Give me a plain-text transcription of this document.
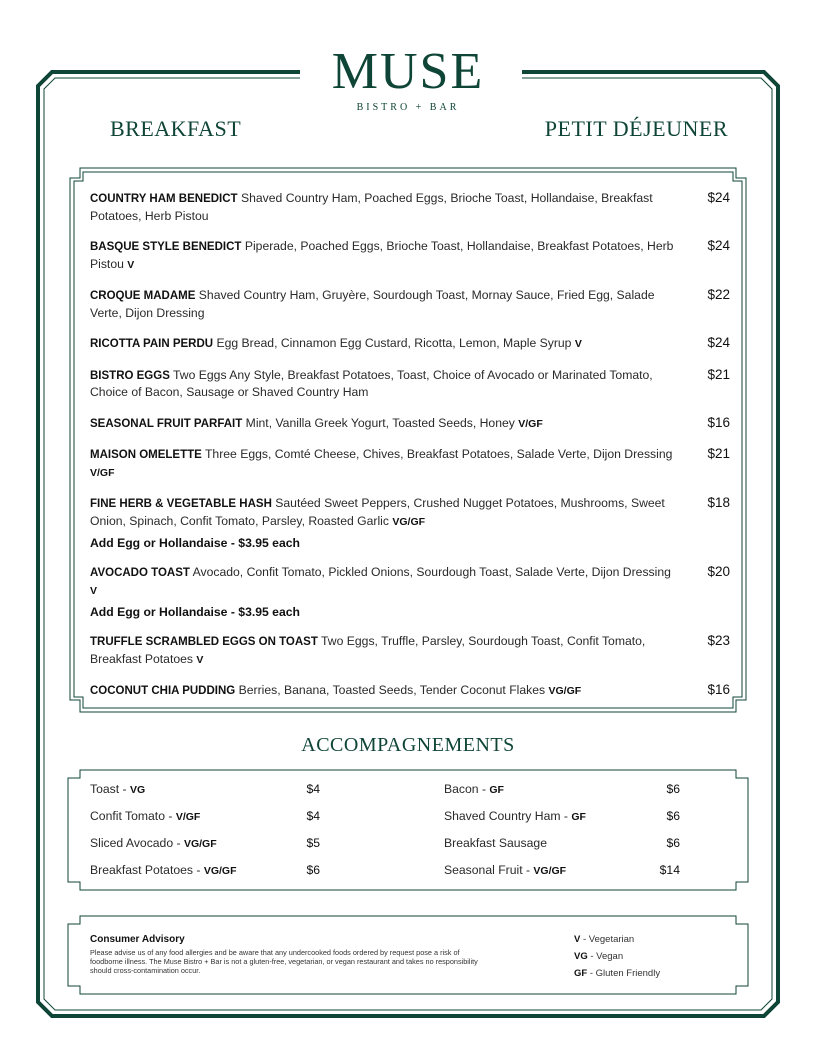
MUSE
BISTRO + BAR
BREAKFAST	PETIT DÉJEUNER
COUNTRY HAM BENEDICT Shaved Country Ham, Poached Eggs, Brioche Toast, Hollandaise, Breakfast Potatoes, Herb Pistou
$24
BASQUE STYLE BENEDICT Piperade, Poached Eggs, Brioche Toast, Hollandaise, Breakfast Potatoes, Herb Pistou V
$24
CROQUE MADAME Shaved Country Ham, Gruyère, Sourdough Toast, Mornay Sauce, Fried Egg, Salade Verte, Dijon Dressing
$22
RICOTTA PAIN PERDU Egg Bread, Cinnamon Egg Custard, Ricotta, Lemon, Maple Syrup V	$24
BISTRO EGGS Two Eggs Any Style, Breakfast Potatoes, Toast, Choice of Avocado or Marinated Tomato, Choice of Bacon, Sausage or Shaved Country Ham
$21
SEASONAL FRUIT PARFAIT Mint, Vanilla Greek Yogurt, Toasted Seeds, Honey V/GF	$16
MAISON OMELETTE Three Eggs, Comté Cheese, Chives, Breakfast Potatoes, Salade Verte, Dijon Dressing V/GF
$21
FINE HERB & VEGETABLE HASH Sautéed Sweet Peppers, Crushed Nugget Potatoes, Mushrooms, Sweet Onion, Spinach, Confit Tomato, Parsley, Roasted Garlic VG/GF
Add Egg or Hollandaise - $3.95 each
$18
AVOCADO TOAST Avocado, Confit Tomato, Pickled Onions, Sourdough Toast, Salade Verte, Dijon Dressing V
Add Egg or Hollandaise - $3.95 each
$20
TRUFFLE SCRAMBLED EGGS ON TOAST Two Eggs, Truffle, Parsley, Sourdough Toast, Confit Tomato, Breakfast Potatoes V
$23
COCONUT CHIA PUDDING Berries, Banana, Toasted Seeds, Tender Coconut Flakes VG/GF	$16
ACCOMPAGNEMENTS
Toast - VG	$4
Confit Tomato - V/GF	$4
Sliced Avocado - VG/GF	$5
Breakfast Potatoes - VG/GF	$6
Bacon - GF	$6
Shaved Country Ham - GF	$6
Breakfast Sausage	$6
Seasonal Fruit - VG/GF	$14
Consumer Advisory
Please advise us of any food allergies and be aware that any undercooked foods ordered by request pose a risk of foodborne illness. The Muse Bistro + Bar is not a gluten-free, vegetarian, or vegan restaurant and takes no responsibility should cross-contamination occur.
V - Vegetarian
VG - Vegan
GF - Gluten Friendly
